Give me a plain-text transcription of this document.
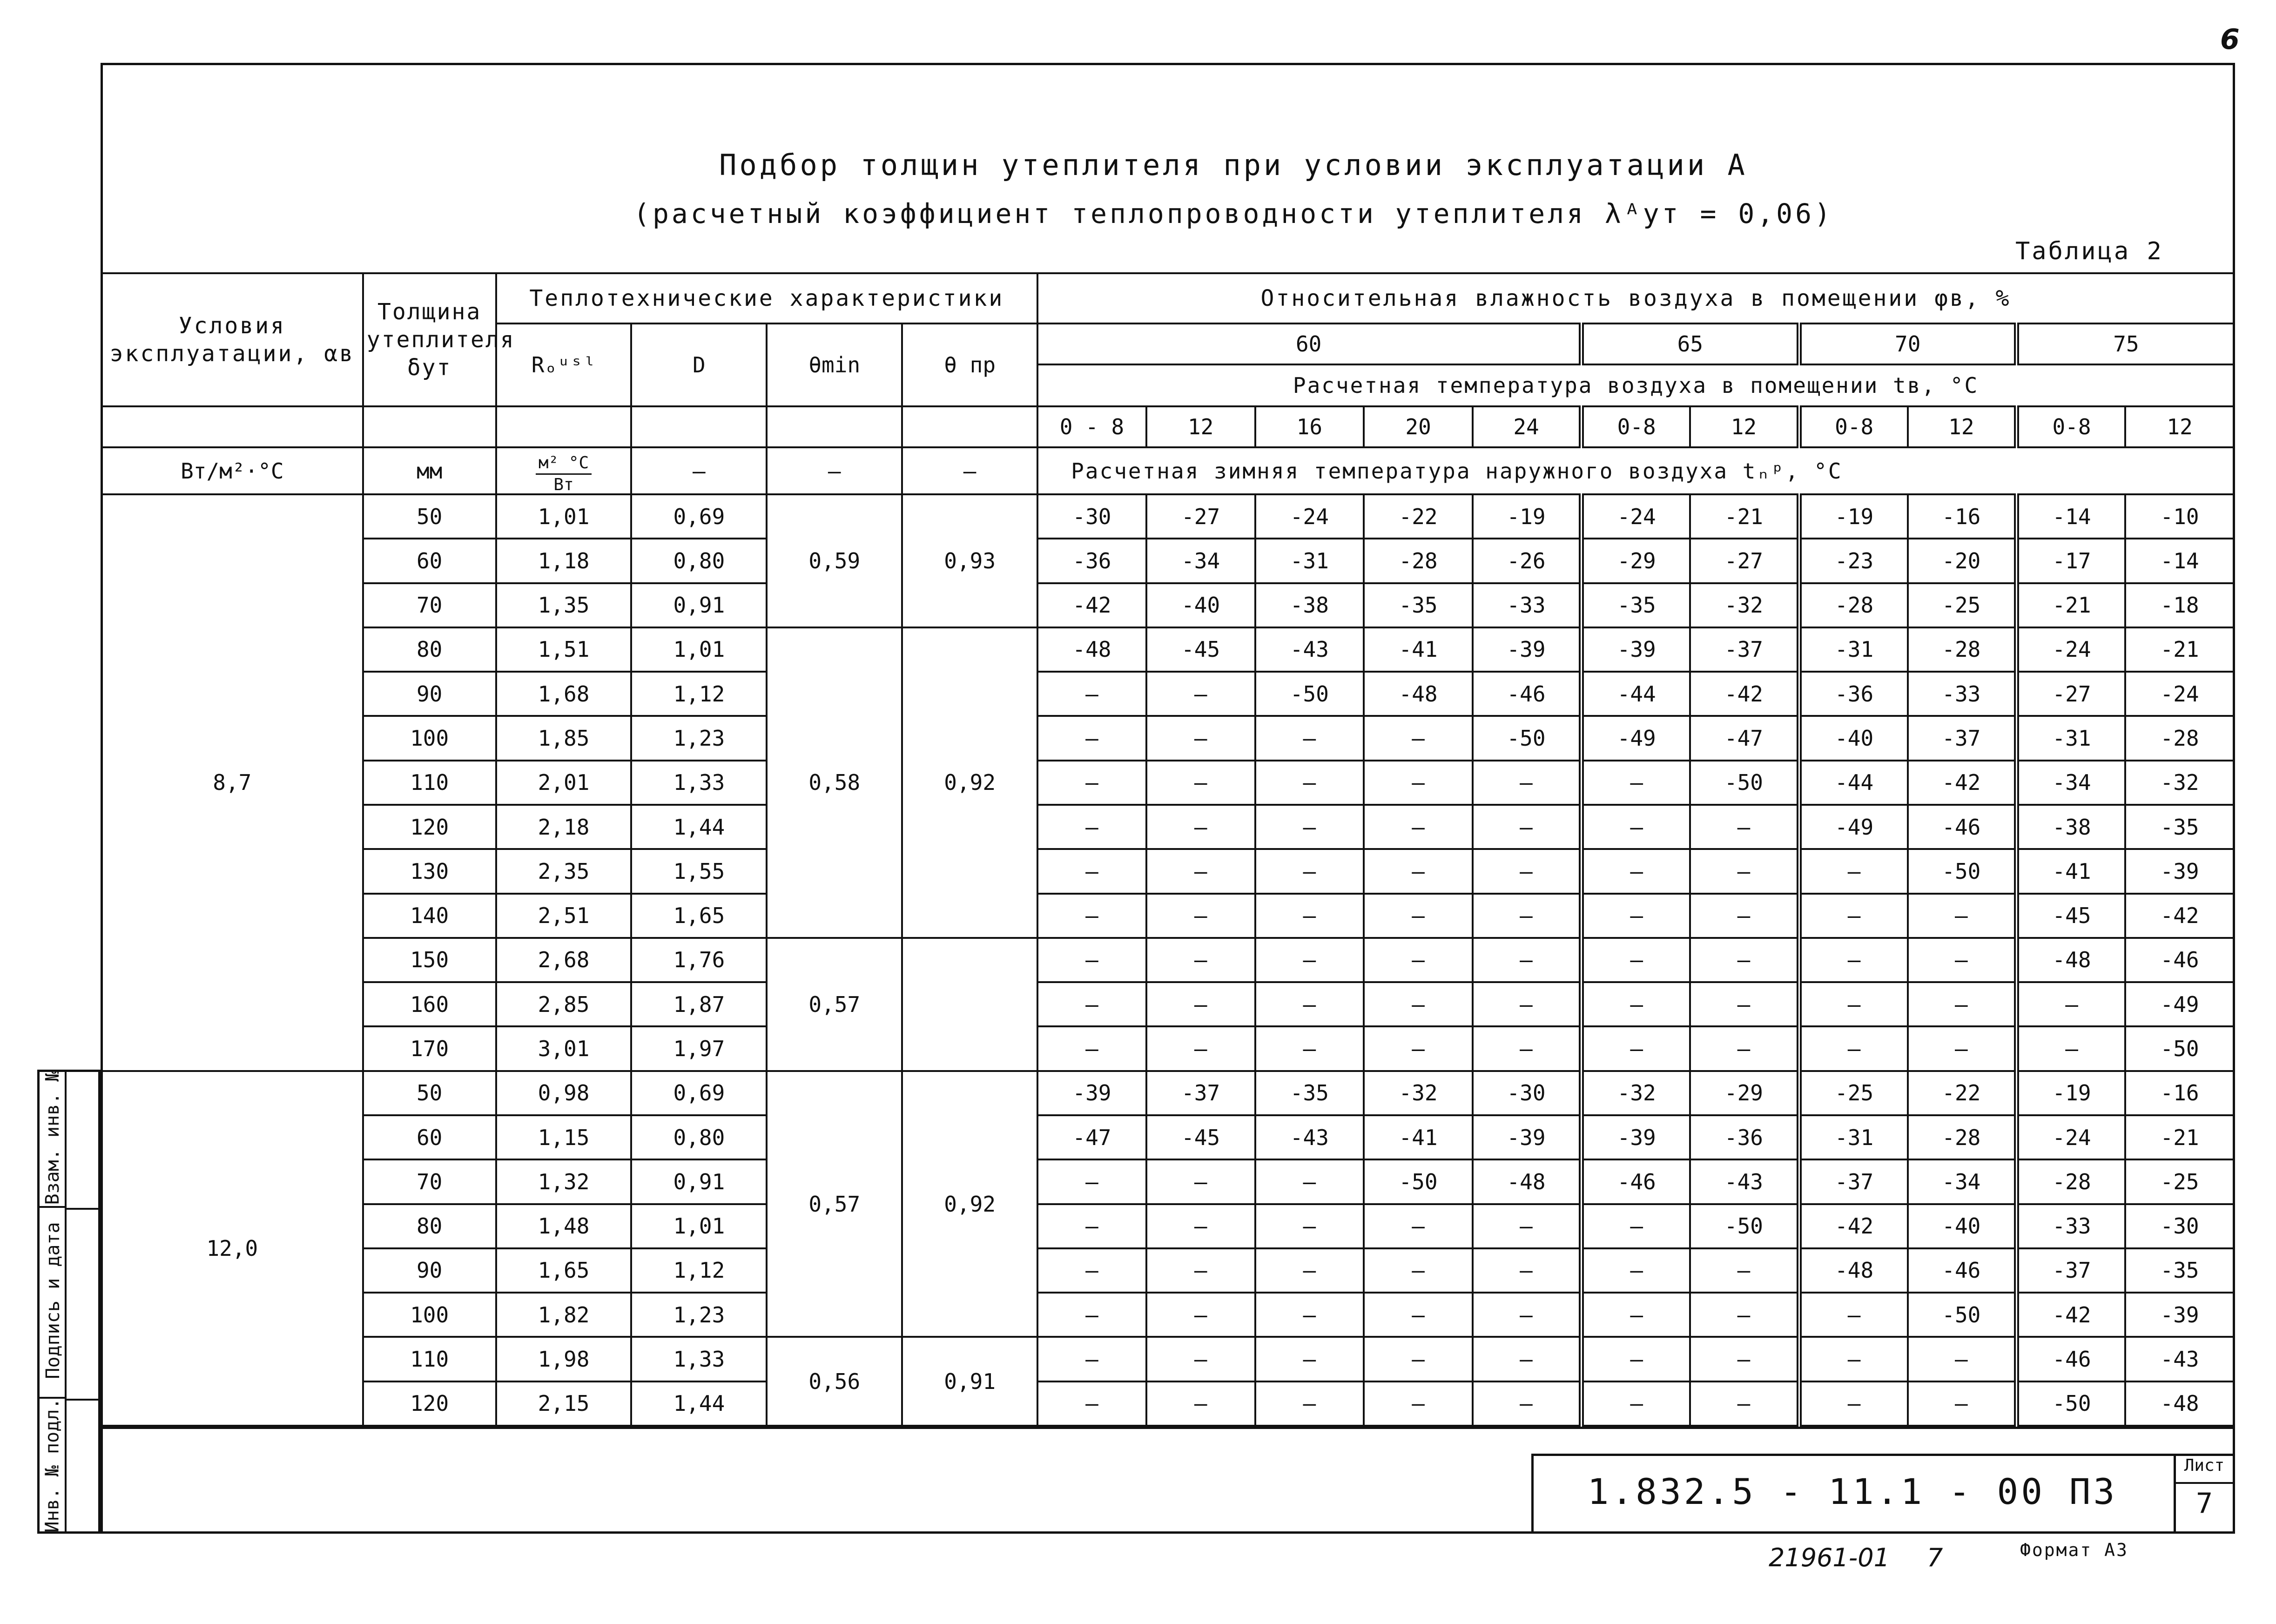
6
Подбор толщин утеплителя при условии эксплуатации А
(расчетный коэффициент теплопроводности утеплителя λᴬут = 0,06)
Таблица 2
Условия эксплуатации, αв	Толщина утеплителя δут	Теплотехнические характеристики				Относительная влажность воздуха в помещении φв, %										
		Rₒᵘˢˡ	D	θmin	θ пр	60					65		70		75	
						Расчетная температура воздуха в помещении tв, °C										
						0 - 8	12	16	20	24	0-8	12	0-8	12	0-8	12
Вт/м²·°С	мм	$\frac{\text{м² °С}}{Вт}$	—	—	—	Расчетная зимняя температура наружного воздуха tₙᵖ, °C										
8,7	50	1,01	0,69	0,59	0,93	-30	-27	-24	-22	-19	-24	-21	-19	-16	-14	-10
	60	1,18	0,80			-36	-34	-31	-28	-26	-29	-27	-23	-20	-17	-14
	70	1,35	0,91			-42	-40	-38	-35	-33	-35	-32	-28	-25	-21	-18
	80	1,51	1,01	0,58	0,92	-48	-45	-43	-41	-39	-39	-37	-31	-28	-24	-21
	90	1,68	1,12			—	—	-50	-48	-46	-44	-42	-36	-33	-27	-24
	100	1,85	1,23			—	—	—	—	-50	-49	-47	-40	-37	-31	-28
	110	2,01	1,33			—	—	—	—	—	—	-50	-44	-42	-34	-32
	120	2,18	1,44			—	—	—	—	—	—	—	-49	-46	-38	-35
	130	2,35	1,55			—	—	—	—	—	—	—	—	-50	-41	-39
	140	2,51	1,65			—	—	—	—	—	—	—	—	—	-45	-42
	150	2,68	1,76	0,57		—	—	—	—	—	—	—	—	—	-48	-46
	160	2,85	1,87			—	—	—	—	—	—	—	—	—	—	-49
	170	3,01	1,97			—	—	—	—	—	—	—	—	—	—	-50
12,0	50	0,98	0,69	0,57	0,92	-39	-37	-35	-32	-30	-32	-29	-25	-22	-19	-16
	60	1,15	0,80			-47	-45	-43	-41	-39	-39	-36	-31	-28	-24	-21
	70	1,32	0,91			—	—	—	-50	-48	-46	-43	-37	-34	-28	-25
	80	1,48	1,01			—	—	—	—	—	—	-50	-42	-40	-33	-30
	90	1,65	1,12			—	—	—	—	—	—	—	-48	-46	-37	-35
	100	1,82	1,23			—	—	—	—	—	—	—	—	-50	-42	-39
	110	1,98	1,33	0,56	0,91	—	—	—	—	—	—	—	—	—	-46	-43
	120	2,15	1,44			—	—	—	—	—	—	—	—	—	-50	-48
Взам. инв. №
Подпись и дата
Инв. № подл.	1.832.5 - 11.1 - 00 ПЗ
Лист
7
21961-01 7	Формат А3
